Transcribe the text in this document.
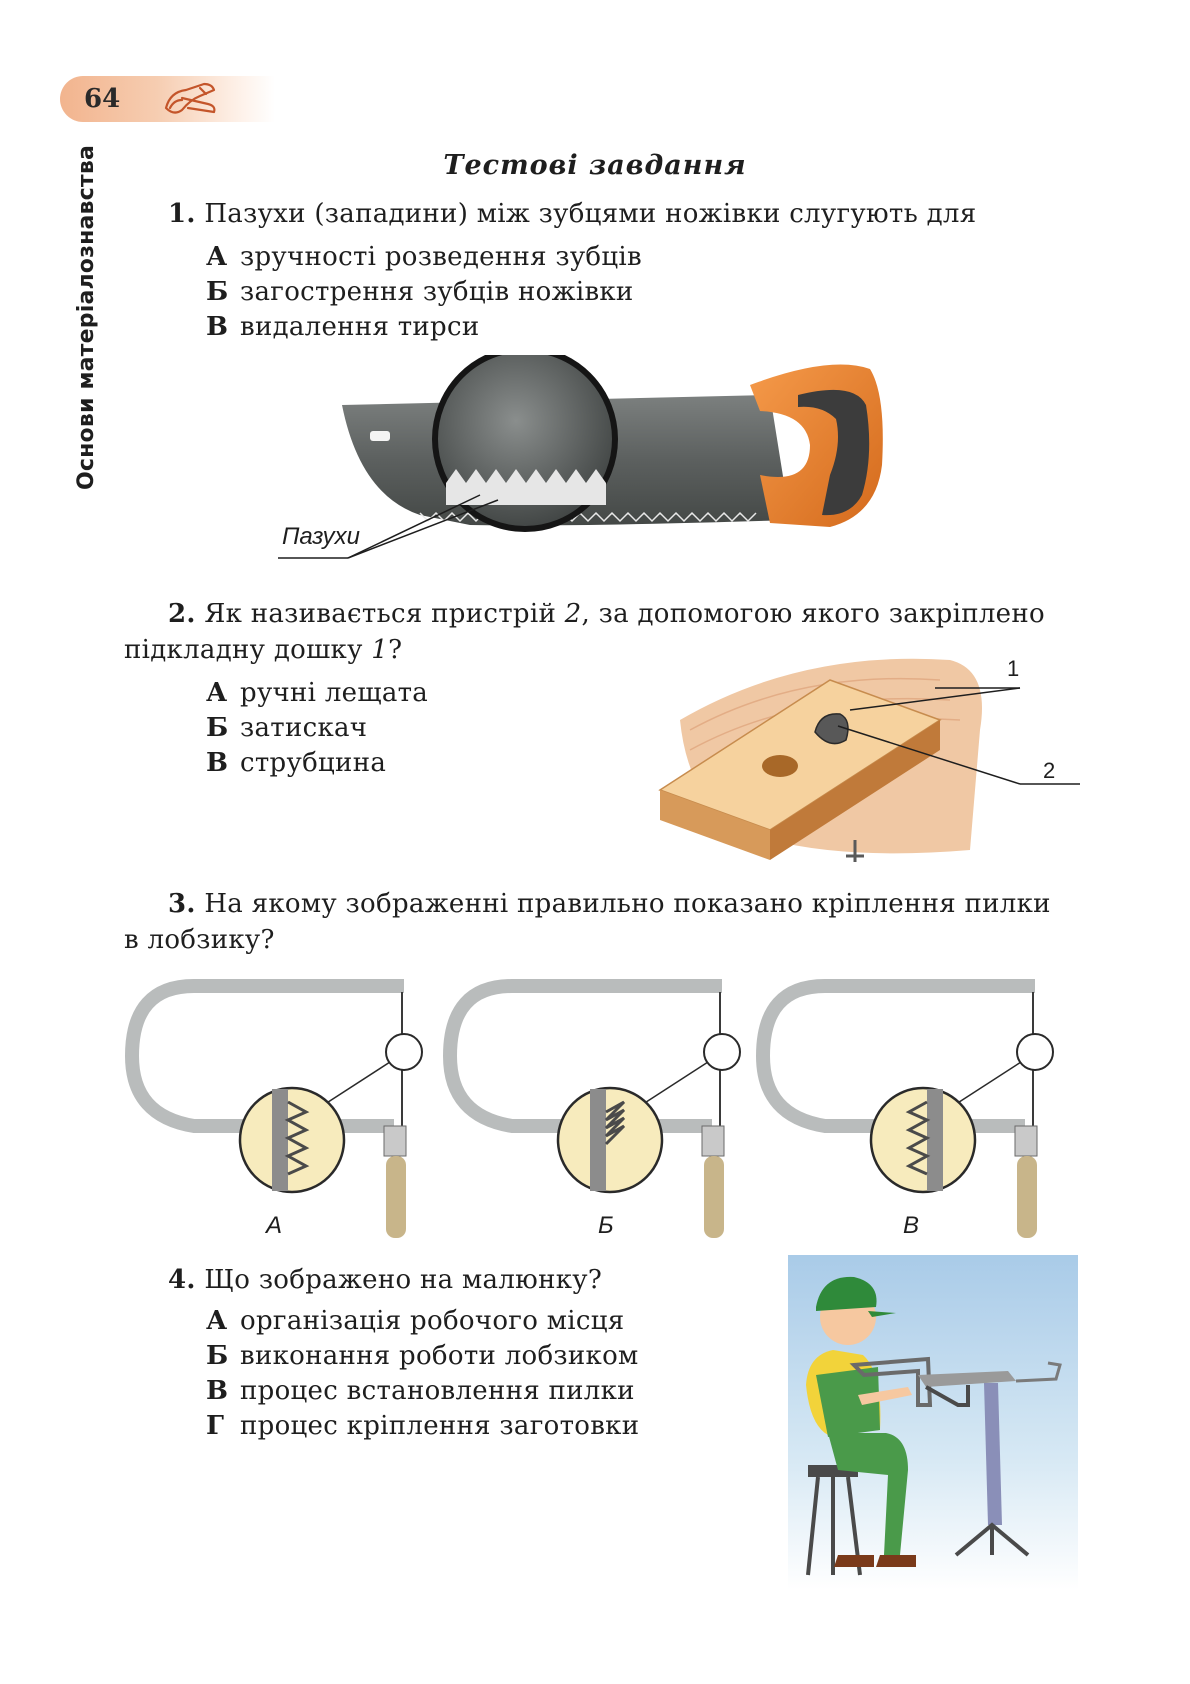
64
Основи матеріалознавства	Тестові завдання
1. Пазухи (западини) між зубцями ножівки слугують для
А зручності розведення зубців
Б загострення зубців ножівки
В видалення тирси
Пазухи
2. Як називається пристрій 2, за допомогою якого закріплено
підкладну дошку 1?
А ручні лещата
Б затискач
В струбцина
1
2
3. На якому зображенні правильно показано кріплення пилки
в лобзику?
А	Б	В
4. Що зображено на малюнку?
А організація робочого місця
Б виконання роботи лобзиком
В процес встановлення пилки
Г процес кріплення заготовки
